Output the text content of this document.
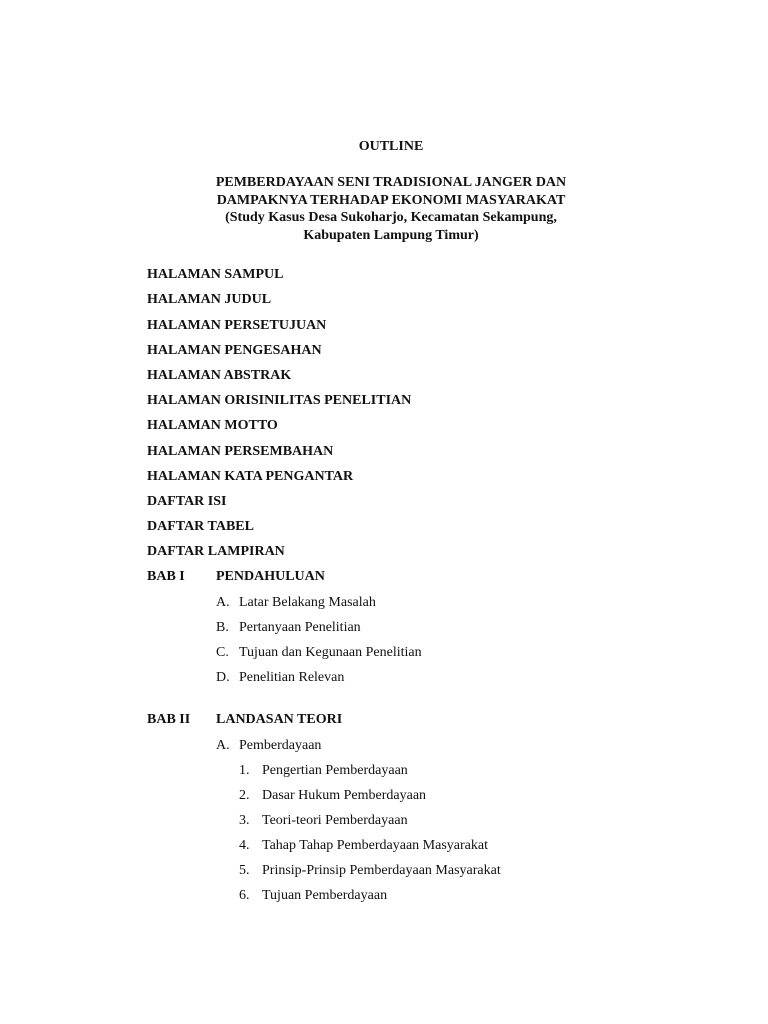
OUTLINE
PEMBERDAYAAN SENI TRADISIONAL JANGER DAN
DAMPAKNYA TERHADAP EKONOMI MASYARAKAT
(Study Kasus Desa Sukoharjo, Kecamatan Sekampung,
Kabupaten Lampung Timur)
HALAMAN SAMPUL
HALAMAN JUDUL
HALAMAN PERSETUJUAN
HALAMAN PENGESAHAN
HALAMAN ABSTRAK
HALAMAN ORISINILITAS PENELITIAN
HALAMAN MOTTO
HALAMAN PERSEMBAHAN
HALAMAN KATA PENGANTAR
DAFTAR ISI
DAFTAR TABEL
DAFTAR LAMPIRAN
BAB I PENDAHULUAN
A. Latar Belakang Masalah
B. Pertanyaan Penelitian
C. Tujuan dan Kegunaan Penelitian
D. Penelitian Relevan
BAB II LANDASAN TEORI
A. Pemberdayaan
1. Pengertian Pemberdayaan
2. Dasar Hukum Pemberdayaan
3. Teori-teori Pemberdayaan
4. Tahap Tahap Pemberdayaan Masyarakat
5. Prinsip-Prinsip Pemberdayaan Masyarakat
6. Tujuan Pemberdayaan
